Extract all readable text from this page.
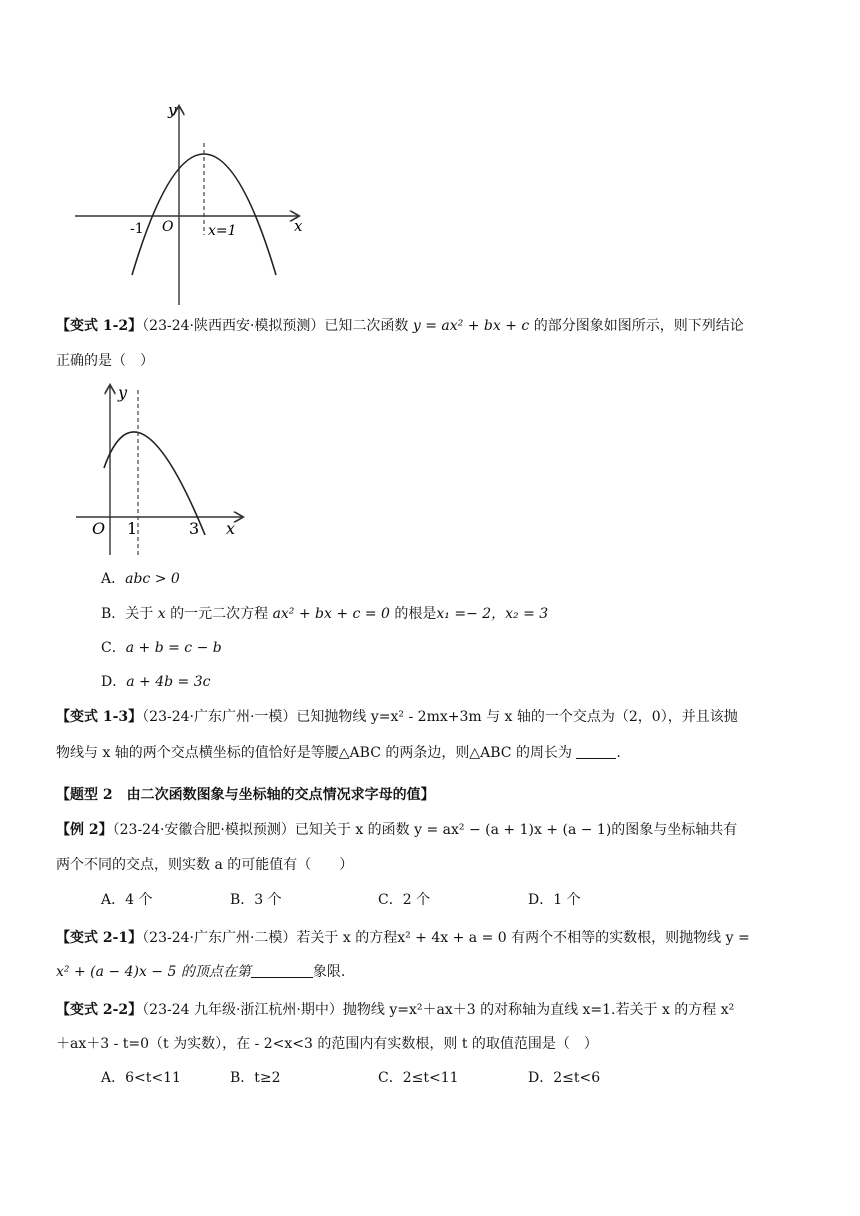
y
x
-1 O x=1
【变式 1-2】（23-24·陕西西安·模拟预测）已知二次函数 y = ax² + bx + c 的部分图象如图所示，则下列结论
正确的是（　）
y
x
O 1	3
A．abc > 0
B．关于 x 的一元二次方程 ax² + bx + c = 0 的根是x₁ =− 2，x₂ = 3
C．a + b = c − b
D．a + 4b = 3c
【变式 1-3】（23-24·广东广州·一模）已知抛物线 y=x² - 2mx+3m 与 x 轴的一个交点为（2，0），并且该抛
物线与 x 轴的两个交点横坐标的值恰好是等腰△ABC 的两条边，则△ABC 的周长为	.
【题型 2　由二次函数图象与坐标轴的交点情况求字母的值】
【例 2】（23-24·安徽合肥·模拟预测）已知关于 x 的函数 y = ax² − (a + 1)x + (a − 1)的图象与坐标轴共有
两个不同的交点，则实数 a 的可能值有（　　）
A．4 个	B．3 个	C．2 个	D．1 个
【变式 2-1】（23-24·广东广州·二模）若关于 x 的方程x² + 4x + a = 0 有两个不相等的实数根，则抛物线 y =
x² + (a − 4)x − 5 的顶点在第	象限.
【变式 2-2】（23-24 九年级·浙江杭州·期中）抛物线 y=x²＋ax＋3 的对称轴为直线 x=1.若关于 x 的方程 x²
＋ax＋3 - t=0（t 为实数），在 - 2<x<3 的范围内有实数根，则 t 的取值范围是（　）
A．6<t<11	B．t≥2	C．2≤t<11	D．2≤t<6
